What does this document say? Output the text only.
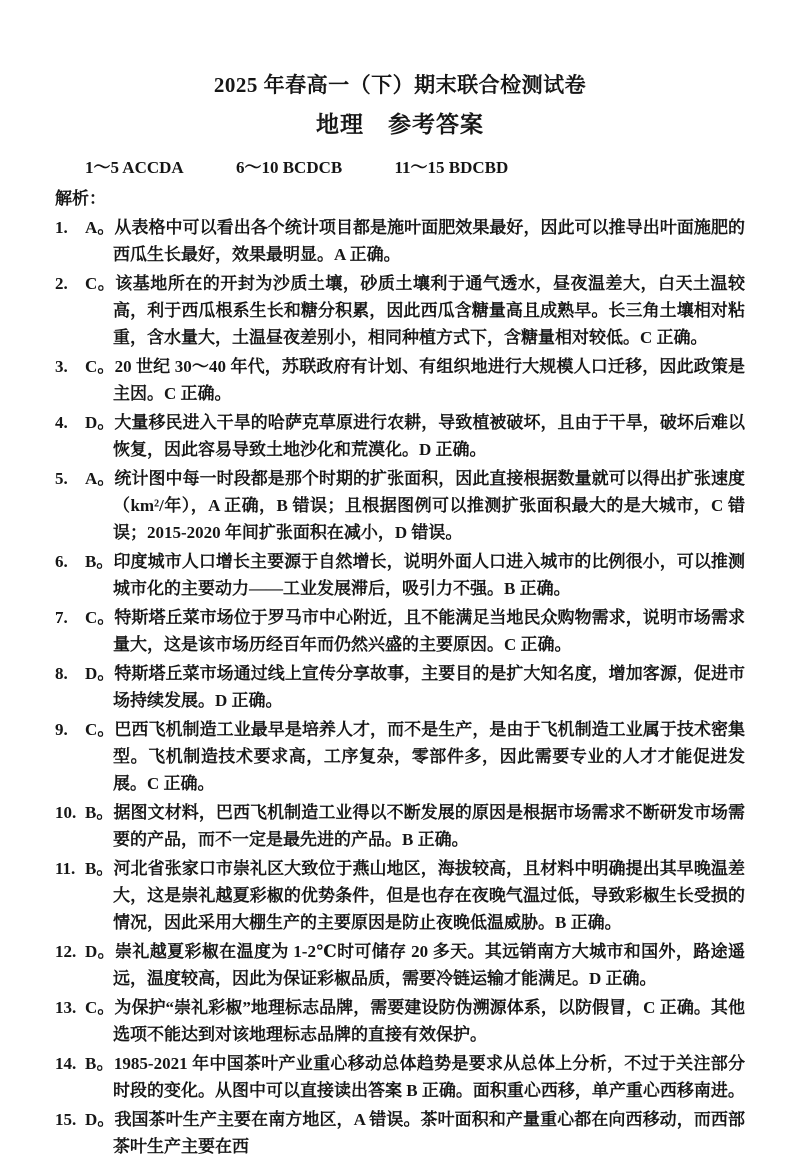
2025 年春高一（下）期末联合检测试卷
地理　参考答案
1～5 ACCDA	6～10 BCDCB	11～15 BDCBD
解析：
1.	A。从表格中可以看出各个统计项目都是施叶面肥效果最好，因此可以推导出叶面施肥的西瓜生长最好，效果最明显。A 正确。
2.	C。该基地所在的开封为沙质土壤，砂质土壤利于通气透水，昼夜温差大，白天土温较高，利于西瓜根系生长和糖分积累，因此西瓜含糖量高且成熟早。长三角土壤相对粘重，含水量大，土温昼夜差别小，相同种植方式下，含糖量相对较低。C 正确。
3.	C。20 世纪 30～40 年代，苏联政府有计划、有组织地进行大规模人口迁移，因此政策是主因。C 正确。
4.	D。大量移民进入干旱的哈萨克草原进行农耕，导致植被破坏，且由于干旱，破坏后难以恢复，因此容易导致土地沙化和荒漠化。D 正确。
5.	A。统计图中每一时段都是那个时期的扩张面积，因此直接根据数量就可以得出扩张速度（km²/年），A 正确，B 错误；且根据图例可以推测扩张面积最大的是大城市，C 错误；2015-2020 年间扩张面积在减小，D 错误。
6.	B。印度城市人口增长主要源于自然增长，说明外面人口进入城市的比例很小，可以推测城市化的主要动力——工业发展滞后，吸引力不强。B 正确。
7.	C。特斯塔丘菜市场位于罗马市中心附近，且不能满足当地民众购物需求，说明市场需求量大，这是该市场历经百年而仍然兴盛的主要原因。C 正确。
8.	D。特斯塔丘菜市场通过线上宣传分享故事，主要目的是扩大知名度，增加客源，促进市场持续发展。D 正确。
9.	C。巴西飞机制造工业最早是培养人才，而不是生产，是由于飞机制造工业属于技术密集型。飞机制造技术要求高，工序复杂，零部件多，因此需要专业的人才才能促进发展。C 正确。
10. B。据图文材料，巴西飞机制造工业得以不断发展的原因是根据市场需求不断研发市场需要的产品，而不一定是最先进的产品。B 正确。
11. B。河北省张家口市崇礼区大致位于燕山地区，海拔较高，且材料中明确提出其早晚温差大，这是崇礼越夏彩椒的优势条件，但是也存在夜晚气温过低，导致彩椒生长受损的情况，因此采用大棚生产的主要原因是防止夜晚低温威胁。B 正确。
12. D。崇礼越夏彩椒在温度为 1-2℃时可储存 20 多天。其远销南方大城市和国外，路途遥远，温度较高，因此为保证彩椒品质，需要冷链运输才能满足。D 正确。
13. C。为保护“崇礼彩椒”地理标志品牌，需要建设防伪溯源体系，以防假冒，C 正确。其他选项不能达到对该地理标志品牌的直接有效保护。
14. B。1985-2021 年中国茶叶产业重心移动总体趋势是要求从总体上分析，不过于关注部分时段的变化。从图中可以直接读出答案 B 正确。面积重心西移，单产重心西移南进。
15. D。我国茶叶生产主要在南方地区，A 错误。茶叶面积和产量重心都在向西移动，而西部茶叶生产主要在西
